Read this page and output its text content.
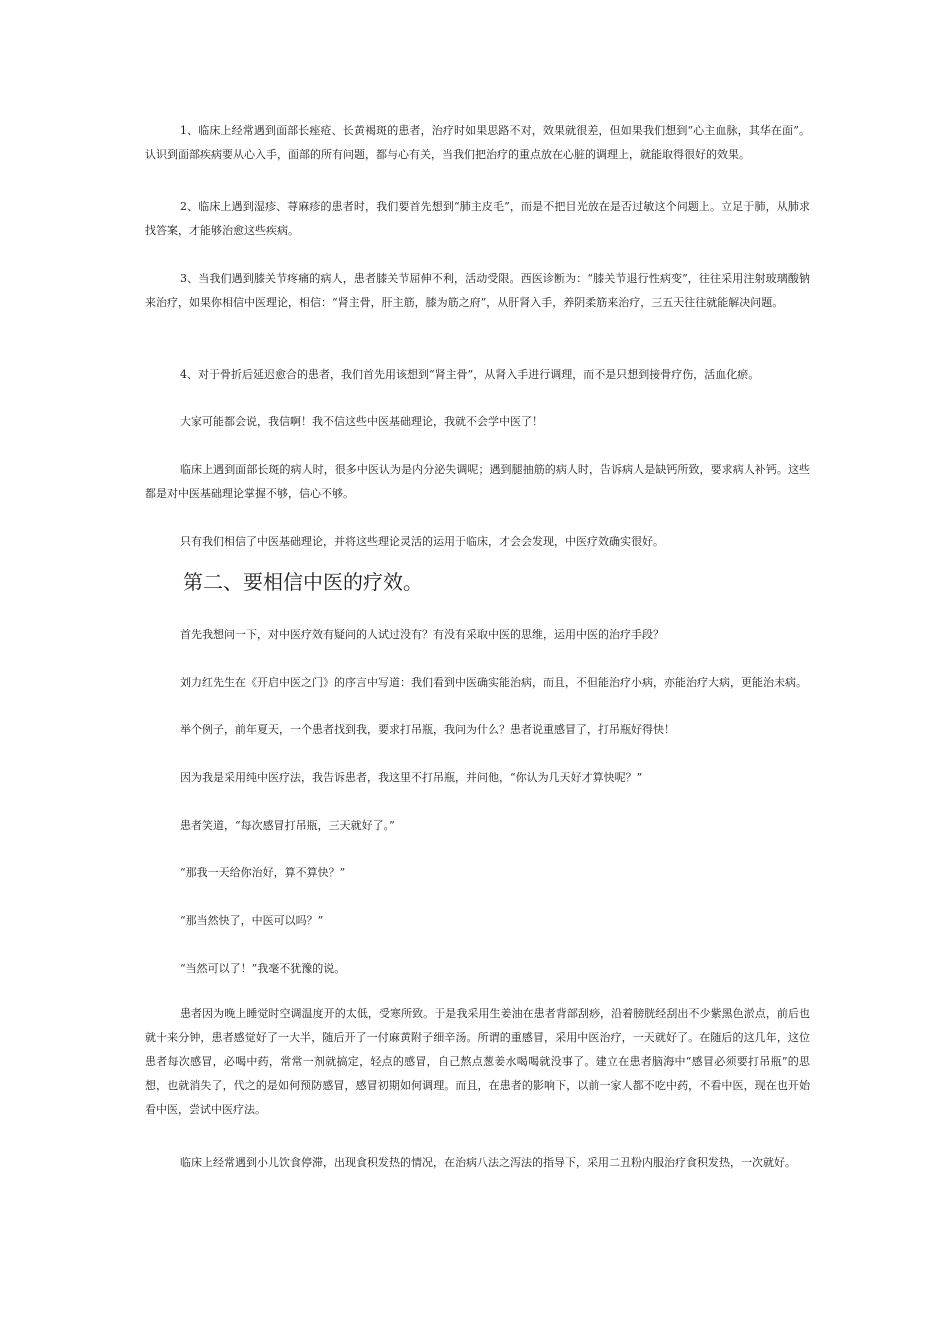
1、临床上经常遇到面部长痤疮、长黄褐斑的患者，治疗时如果思路不对，效果就很差，但如果我们想到“心主血脉，其华在面”。认识到面部疾病要从心入手，面部的所有问题，都与心有关，当我们把治疗的重点放在心脏的调理上，就能取得很好的效果。

2、临床上遇到湿疹、荨麻疹的患者时，我们要首先想到“肺主皮毛”，而是不把目光放在是否过敏这个问题上。立足于肺，从肺求找答案，才能够治愈这些疾病。

3、当我们遇到膝关节疼痛的病人，患者膝关节屈伸不利，活动受限。西医诊断为：“膝关节退行性病变”，往往采用注射玻璃酸钠来治疗，如果你相信中医理论，相信：“肾主骨，肝主筋，膝为筋之府”，从肝肾入手，养阴柔筋来治疗，三五天往往就能解决问题。

4、对于骨折后延迟愈合的患者，我们首先用该想到“肾主骨”，从肾入手进行调理，而不是只想到接骨疗伤，活血化瘀。

大家可能都会说，我信啊！我不信这些中医基础理论，我就不会学中医了！

临床上遇到面部长斑的病人时，很多中医认为是内分泌失调呢；遇到腿抽筋的病人时，告诉病人是缺钙所致，要求病人补钙。这些都是对中医基础理论掌握不够，信心不够。

只有我们相信了中医基础理论，并将这些理论灵活的运用于临床，才会会发现，中医疗效确实很好。

第二、要相信中医的疗效。

首先我想问一下，对中医疗效有疑问的人试过没有？有没有采取中医的思维，运用中医的治疗手段？

刘力红先生在《开启中医之门》的序言中写道：我们看到中医确实能治病，而且，不但能治疗小病，亦能治疗大病，更能治未病。

举个例子，前年夏天，一个患者找到我，要求打吊瓶，我问为什么？患者说重感冒了，打吊瓶好得快！

因为我是采用纯中医疗法，我告诉患者，我这里不打吊瓶，并问他，“你认为几天好才算快呢？”

患者笑道，“每次感冒打吊瓶，三天就好了。”

“那我一天给你治好，算不算快？”

“那当然快了，中医可以吗？”

“当然可以了！”我毫不犹豫的说。

患者因为晚上睡觉时空调温度开的太低，受寒所致。于是我采用生姜油在患者背部刮痧，沿着膀胱经刮出不少紫黑色淤点，前后也就十来分钟，患者感觉好了一大半，随后开了一付麻黄附子细辛汤。所谓的重感冒，采用中医治疗，一天就好了。在随后的这几年，这位患者每次感冒，必喝中药，常常一剂就搞定，轻点的感冒，自己熬点葱姜水喝喝就没事了。建立在患者脑海中“感冒必须要打吊瓶”的思想，也就消失了，代之的是如何预防感冒，感冒初期如何调理。而且，在患者的影响下，以前一家人都不吃中药，不看中医，现在也开始看中医，尝试中医疗法。

临床上经常遇到小儿饮食停滞，出现食积发热的情况，在治病八法之泻法的指导下，采用二丑粉内服治疗食积发热，一次就好。
